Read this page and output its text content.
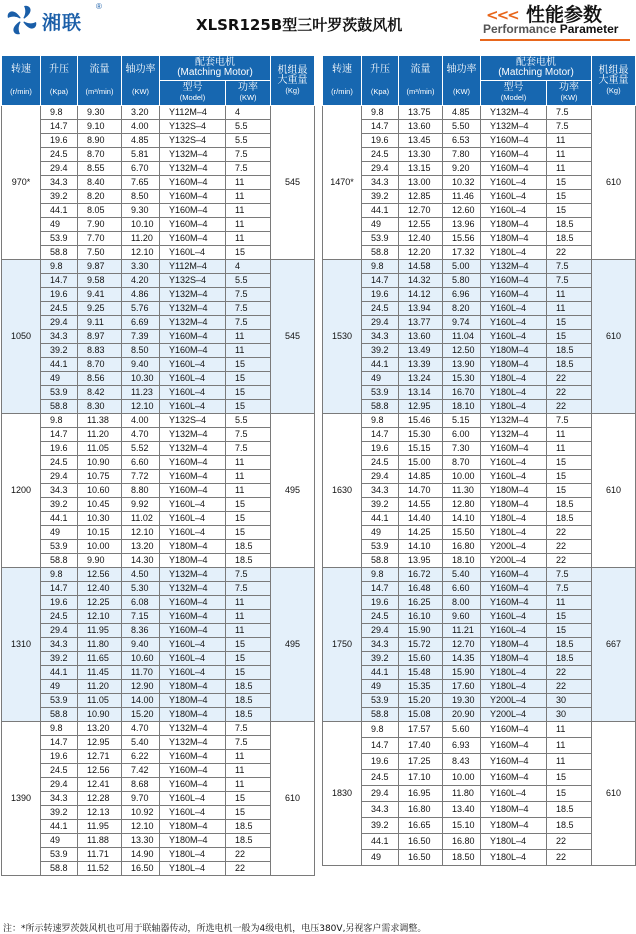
湘联
®
XLSR125B型三叶罗茨鼓风机
<<< 性能参数
Performance Parameter
转速

(r/min)	升压

(Kpa)	流量

(m³/min)	轴功率

(KW)	配套电机
(Matching Motor)		机组最
大重量
(Kg)
				型号
(Model)	功率
(KW)	
970*	9.8	9.30	3.20	Y112M–4	4	545
	14.7	9.10	4.00	Y132S–4	5.5	
	19.6	8.90	4.85	Y132S–4	5.5	
	24.5	8.70	5.81	Y132M–4	7.5	
	29.4	8.55	6.70	Y132M–4	7.5	
	34.3	8.40	7.65	Y160M–4	11	
	39.2	8.20	8.50	Y160M–4	11	
	44.1	8.05	9.30	Y160M–4	11	
	49	7.90	10.10	Y160M–4	11	
	53.9	7.70	11.20	Y160M–4	11	
	58.8	7.50	12.10	Y160L–4	15	
1050	9.8	9.87	3.30	Y112M–4	4	545
	14.7	9.58	4.20	Y132S–4	5.5	
	19.6	9.41	4.86	Y132M–4	7.5	
	24.5	9.25	5.76	Y132M–4	7.5	
	29.4	9.11	6.69	Y132M–4	7.5	
	34.3	8.97	7.39	Y160M–4	11	
	39.2	8.83	8.50	Y160M–4	11	
	44.1	8.70	9.40	Y160L–4	15	
	49	8.56	10.30	Y160L–4	15	
	53.9	8.42	11.23	Y160L–4	15	
	58.8	8.30	12.10	Y160L–4	15	
1200	9.8	11.38	4.00	Y132S–4	5.5	495
	14.7	11.20	4.70	Y132M–4	7.5	
	19.6	11.05	5.52	Y132M–4	7.5	
	24.5	10.90	6.60	Y160M–4	11	
	29.4	10.75	7.72	Y160M–4	11	
	34.3	10.60	8.80	Y160M–4	11	
	39.2	10.45	9.92	Y160L–4	15	
	44.1	10.30	11.02	Y160L–4	15	
	49	10.15	12.10	Y160L–4	15	
	53.9	10.00	13.20	Y180M–4	18.5	
	58.8	9.90	14.30	Y180M–4	18.5	
1310	9.8	12.56	4.50	Y132M–4	7.5	495
	14.7	12.40	5.30	Y132M–4	7.5	
	19.6	12.25	6.08	Y160M–4	11	
	24.5	12.10	7.15	Y160M–4	11	
	29.4	11.95	8.36	Y160M–4	11	
	34.3	11.80	9.40	Y160L–4	15	
	39.2	11.65	10.60	Y160L–4	15	
	44.1	11.45	11.70	Y160L–4	15	
	49	11.20	12.90	Y180M–4	18.5	
	53.9	11.05	14.00	Y180M–4	18.5	
	58.8	10.90	15.20	Y180M–4	18.5	
1390	9.8	13.20	4.70	Y132M–4	7.5	610
	14.7	12.95	5.40	Y132M–4	7.5	
	19.6	12.71	6.22	Y160M–4	11	
	24.5	12.56	7.42	Y160M–4	11	
	29.4	12.41	8.68	Y160M–4	11	
	34.3	12.28	9.70	Y160L–4	15	
	39.2	12.13	10.92	Y160L–4	15	
	44.1	11.95	12.10	Y180M–4	18.5	
	49	11.88	13.30	Y180M–4	18.5	
	53.9	11.71	14.90	Y180L–4	22	
	58.8	11.52	16.50	Y180L–4	22	
转速

(r/min)	升压

(Kpa)	流量

(m³/min)	轴功率

(KW)	配套电机
(Matching Motor)		机组最
大重量
(Kg)
				型号
(Model)	功率
(KW)	
1470*	9.8	13.75	4.85	Y132M–4	7.5	610
	14.7	13.60	5.50	Y132M–4	7.5	
	19.6	13.45	6.53	Y160M–4	11	
	24.5	13.30	7.80	Y160M–4	11	
	29.4	13.15	9.20	Y160M–4	11	
	34.3	13.00	10.32	Y160L–4	15	
	39.2	12.85	11.46	Y160L–4	15	
	44.1	12.70	12.60	Y160L–4	15	
	49	12.55	13.96	Y180M–4	18.5	
	53.9	12.40	15.56	Y180M–4	18.5	
	58.8	12.20	17.32	Y180L–4	22	
1530	9.8	14.58	5.00	Y132M–4	7.5	610
	14.7	14.32	5.80	Y160M–4	7.5	
	19.6	14.12	6.96	Y160M–4	11	
	24.5	13.94	8.20	Y160L–4	11	
	29.4	13.77	9.74	Y160L–4	15	
	34.3	13.60	11.04	Y160L–4	15	
	39.2	13.49	12.50	Y180M–4	18.5	
	44.1	13.39	13.90	Y180M–4	18.5	
	49	13.24	15.30	Y180L–4	22	
	53.9	13.14	16.70	Y180L–4	22	
	58.8	12.95	18.10	Y180L–4	22	
1630	9.8	15.46	5.15	Y132M–4	7.5	610
	14.7	15.30	6.00	Y132M–4	11	
	19.6	15.15	7.30	Y160M–4	11	
	24.5	15.00	8.70	Y160L–4	15	
	29.4	14.85	10.00	Y160L–4	15	
	34.3	14.70	11.30	Y180M–4	15	
	39.2	14.55	12.80	Y180M–4	18.5	
	44.1	14.40	14.10	Y180L–4	18.5	
	49	14.25	15.50	Y180L–4	22	
	53.9	14.10	16.80	Y200L–4	22	
	58.8	13.95	18.10	Y200L–4	22	
1750	9.8	16.72	5.40	Y160M–4	7.5	667
	14.7	16.48	6.60	Y160M–4	7.5	
	19.6	16.25	8.00	Y160M–4	11	
	24.5	16.10	9.60	Y160L–4	15	
	29.4	15.90	11.21	Y160L–4	15	
	34.3	15.72	12.70	Y180M–4	18.5	
	39.2	15.60	14.35	Y180M–4	18.5	
	44.1	15.48	15.90	Y180L–4	22	
	49	15.35	17.60	Y180L–4	22	
	53.9	15.20	19.30	Y200L–4	30	
	58.8	15.08	20.90	Y200L–4	30	
1830	9.8	17.57	5.60	Y160M–4	11	610
	14.7	17.40	6.93	Y160M–4	11	
	19.6	17.25	8.43	Y160M–4	11	
	24.5	17.10	10.00	Y160M–4	15	
	29.4	16.95	11.80	Y160L–4	15	
	34.3	16.80	13.40	Y180M–4	18.5	
	39.2	16.65	15.10	Y180M–4	18.5	
	44.1	16.50	16.80	Y180L–4	22	
	49	16.50	18.50	Y180L–4	22	
注：*所示转速罗茨鼓风机也可用于联轴器传动，所选电机一般为4级电机，电压380V,另视客户需求调整。
